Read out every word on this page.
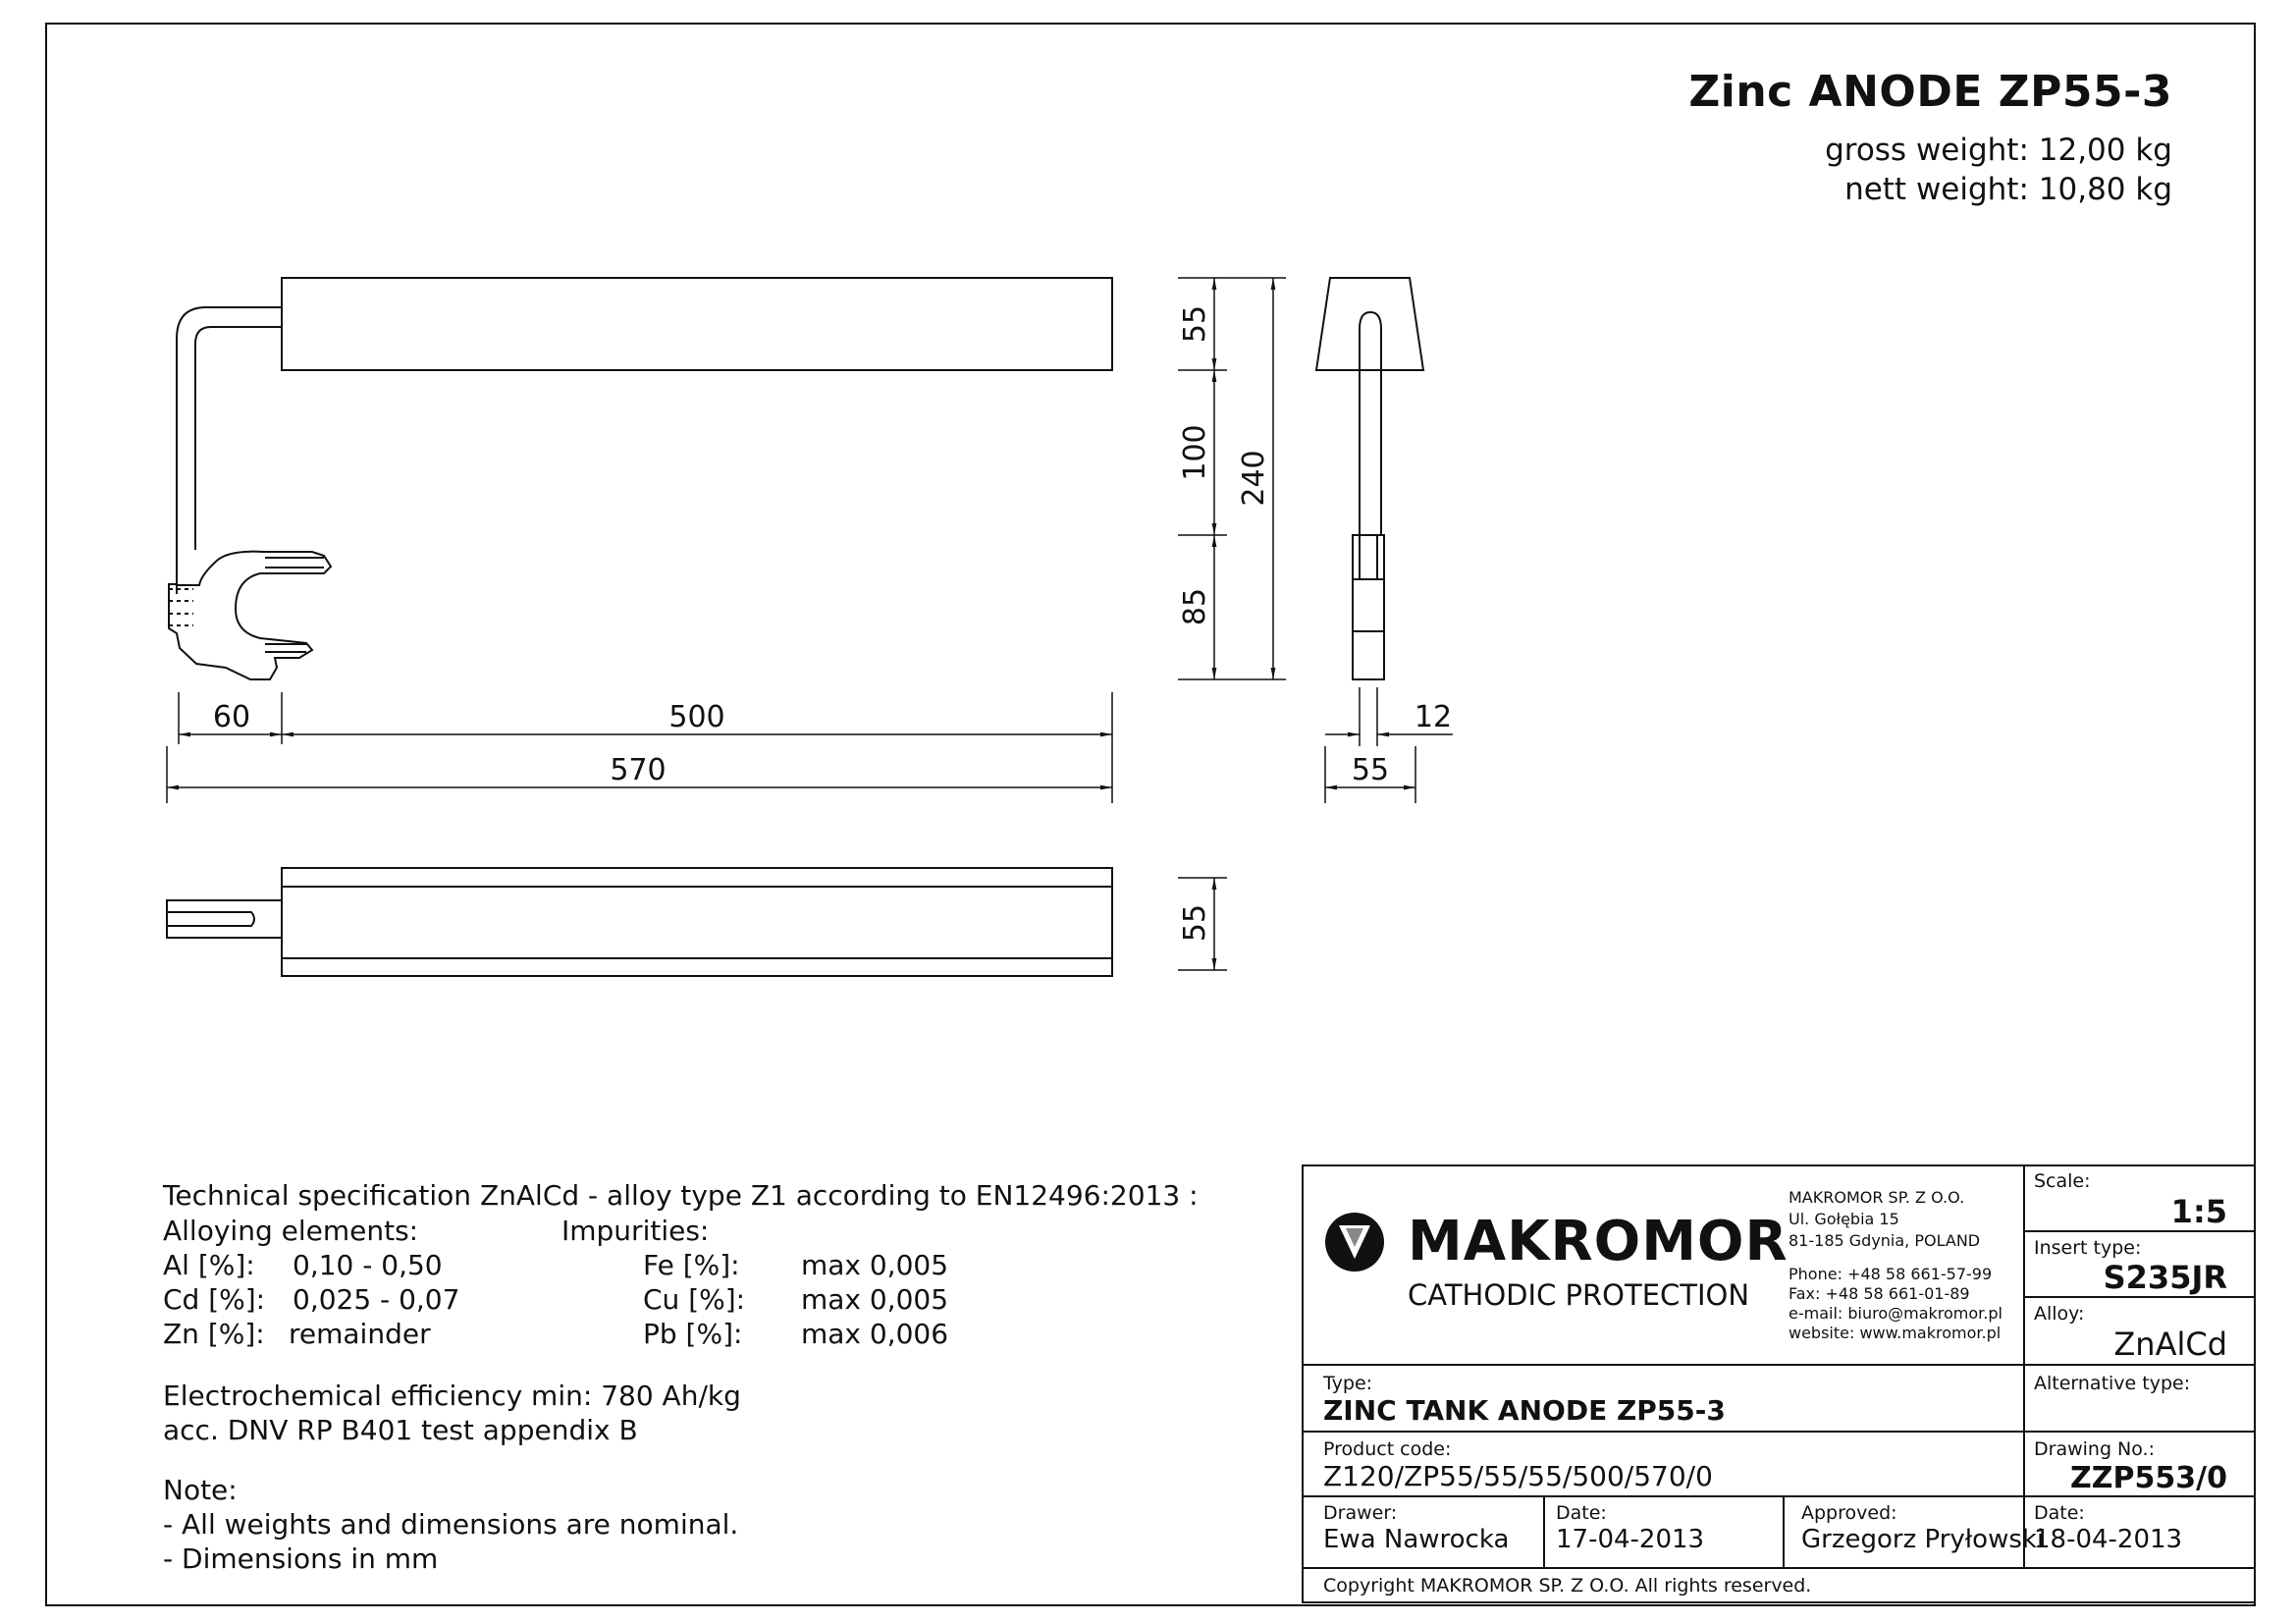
60	500
570
55
100
85
240
12
55
55
Zinc ANODE ZP55-3
gross weight: 12,00 kg
nett weight: 10,80 kg
Technical specification ZnAlCd - alloy type Z1 according to EN12496:2013 :
Alloying elements:	Impurities:
Al [%]: 0,10 - 0,50	Fe [%]: max 0,005
Cd [%]: 0,025 - 0,07	Cu [%]: max 0,005
Zn [%]: remainder	Pb [%]: max 0,006
Electrochemical efficiency min: 780 Ah/kg
acc. DNV RP B401 test appendix B
Note:
- All weights and dimensions are nominal.
- Dimensions in mm
MAKROMOR
CATHODIC PROTECTION
MAKROMOR SP. Z O.O.
Ul. Gołębia 15
81-185 Gdynia, POLAND
Phone: +48 58 661-57-99
Fax: +48 58 661-01-89
e-mail: biuro@makromor.pl
website: www.makromor.pl
Scale:
1:5
Insert type:
S235JR
Alloy:
ZnAlCd
Alternative type:
Type:
ZINC TANK ANODE ZP55-3
Product code:
Z120/ZP55/55/55/500/570/0
Drawing No.:
ZZP553/0
Drawer:
Ewa Nawrocka
Date:
17-04-2013
Approved:
Grzegorz Pryłowski
Date:
18-04-2013
Copyright MAKROMOR SP. Z O.O. All rights reserved.
